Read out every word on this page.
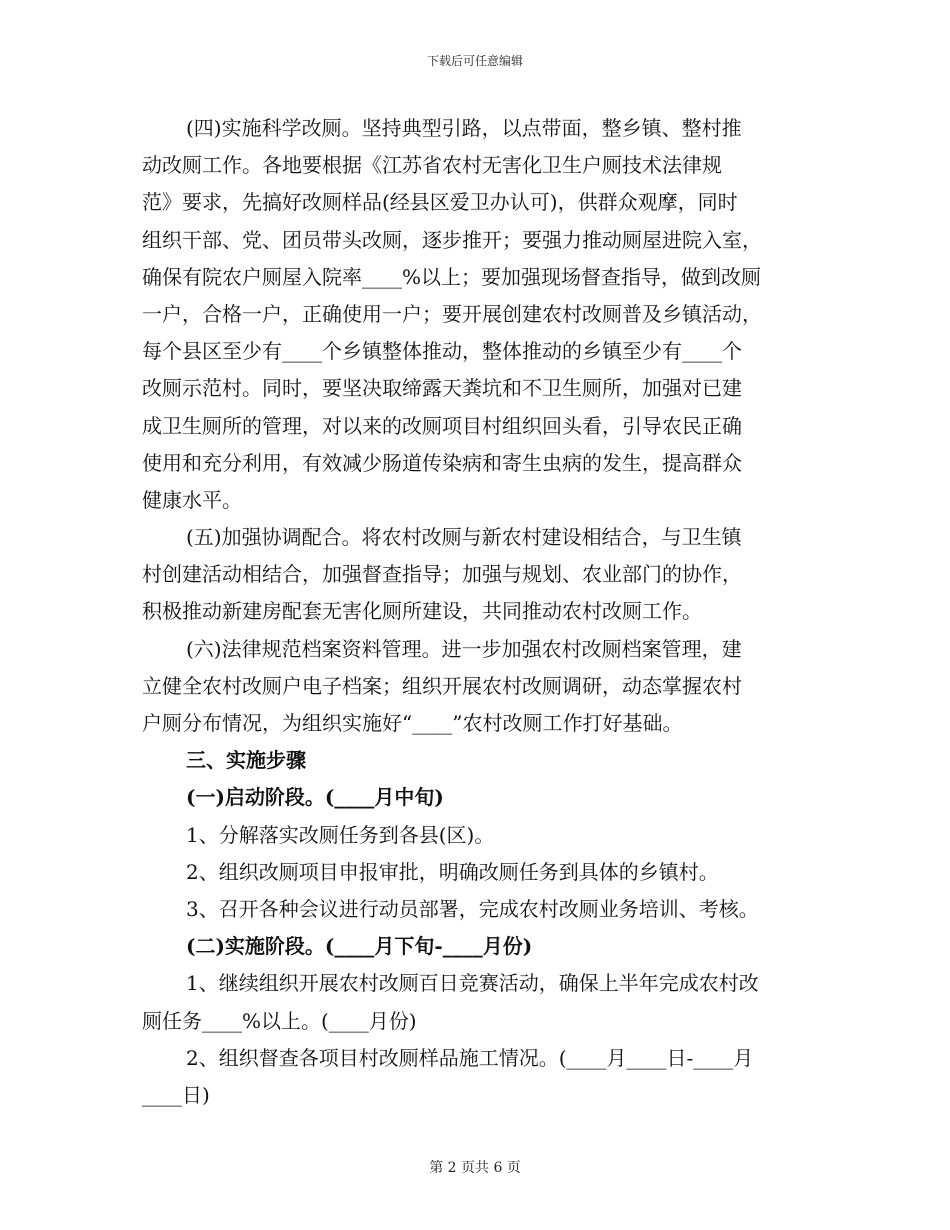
下载后可任意编辑
(四)实施科学改厕。坚持典型引路，以点带面，整乡镇、整村推
动改厕工作。各地要根据《江苏省农村无害化卫生户厕技术法律规
范》要求，先搞好改厕样品(经县区爱卫办认可)，供群众观摩，同时
组织干部、党、团员带头改厕，逐步推开；要强力推动厕屋进院入室，
确保有院农户厕屋入院率____%以上；要加强现场督查指导，做到改厕
一户，合格一户，正确使用一户；要开展创建农村改厕普及乡镇活动，
每个县区至少有____个乡镇整体推动，整体推动的乡镇至少有____个
改厕示范村。同时，要坚决取缔露天粪坑和不卫生厕所，加强对已建
成卫生厕所的管理，对以来的改厕项目村组织回头看，引导农民正确
使用和充分利用，有效减少肠道传染病和寄生虫病的发生，提高群众
健康水平。
(五)加强协调配合。将农村改厕与新农村建设相结合，与卫生镇
村创建活动相结合，加强督查指导；加强与规划、农业部门的协作，
积极推动新建房配套无害化厕所建设，共同推动农村改厕工作。
(六)法律规范档案资料管理。进一步加强农村改厕档案管理，建
立健全农村改厕户电子档案；组织开展农村改厕调研，动态掌握农村
户厕分布情况，为组织实施好“____”农村改厕工作打好基础。
三、实施步骤
(一)启动阶段。(____月中旬)
1、分解落实改厕任务到各县(区)。
2、组织改厕项目申报审批，明确改厕任务到具体的乡镇村。
3、召开各种会议进行动员部署，完成农村改厕业务培训、考核。
(二)实施阶段。(____月下旬-____月份)
1、继续组织开展农村改厕百日竞赛活动，确保上半年完成农村改
厕任务____%以上。(____月份)
2、组织督查各项目村改厕样品施工情况。(____月____日-____月
____日)
第 2 页共 6 页
